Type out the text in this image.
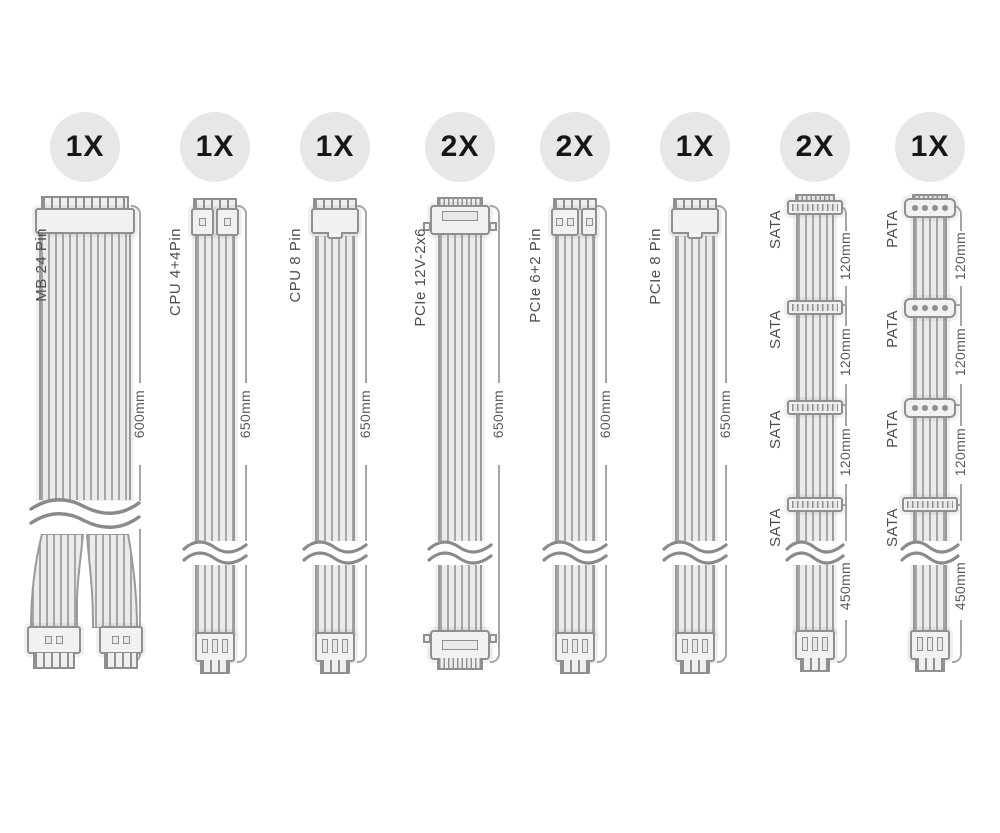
1X
MB 24 Pin
600mm
1X
CPU 4+4Pin
650mm
1X
CPU 8 Pin
650mm
2X
PCIe 12V-2x6
650mm
2X
PCIe 6+2 Pin
600mm
1X
PCIe 8 Pin
650mm
2X
SATA
SATA
SATA
SATA
120mm
120mm
120mm
450mm
1X
PATA
PATA
PATA
SATA
120mm
120mm
120mm
450mm
